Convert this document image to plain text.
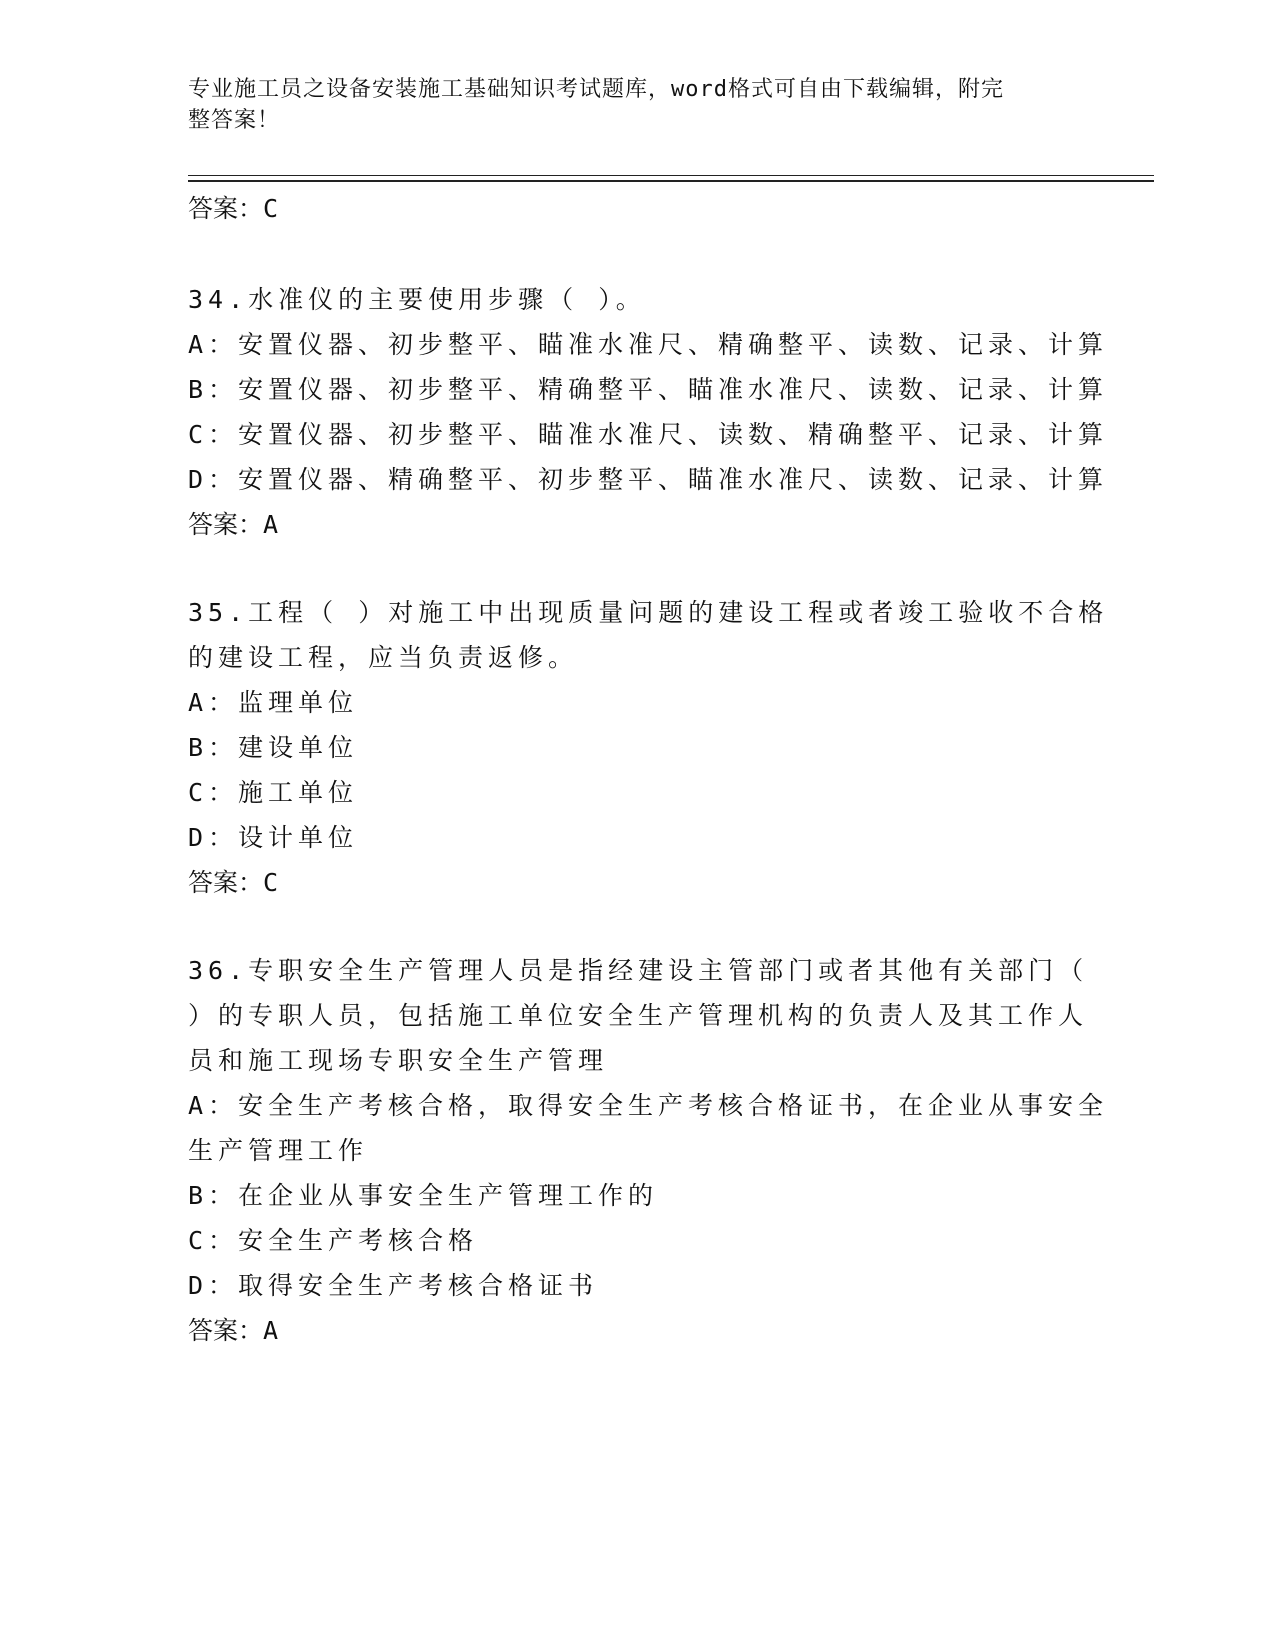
专业施工员之设备安装施工基础知识考试题库，word格式可自由下载编辑，附完
整答案！
答案：C
34.水准仪的主要使用步骤（ ）。
A：安置仪器、初步整平、瞄准水准尺、精确整平、读数、记录、计算
B：安置仪器、初步整平、精确整平、瞄准水准尺、读数、记录、计算
C：安置仪器、初步整平、瞄准水准尺、读数、精确整平、记录、计算
D：安置仪器、精确整平、初步整平、瞄准水准尺、读数、记录、计算
答案：A
35.工程（ ）对施工中出现质量问题的建设工程或者竣工验收不合格
的建设工程，应当负责返修。
A：监理单位
B：建设单位
C：施工单位
D：设计单位
答案：C
36.专职安全生产管理人员是指经建设主管部门或者其他有关部门（
）的专职人员，包括施工单位安全生产管理机构的负责人及其工作人
员和施工现场专职安全生产管理
A：安全生产考核合格，取得安全生产考核合格证书，在企业从事安全
生产管理工作
B：在企业从事安全生产管理工作的
C：安全生产考核合格
D：取得安全生产考核合格证书
答案：A
